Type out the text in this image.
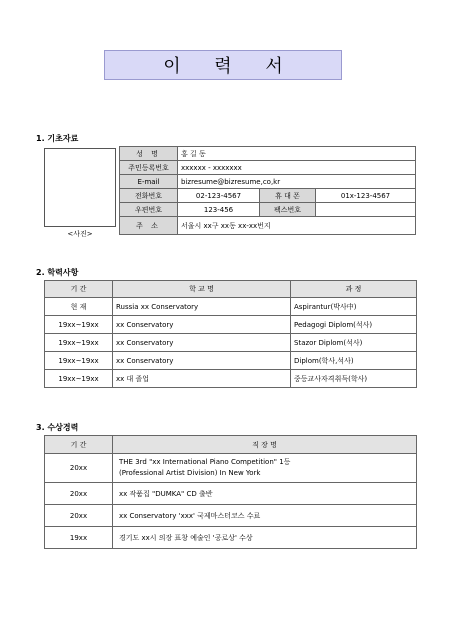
이 력 서
1. 기초자료
<사진>
성 명	홍 길 동		
주민등록번호	xxxxxx - xxxxxxx		
E-mail	bizresume@bizresume,co,kr		
전화번호	02-123-4567	휴 대 폰	01x-123-4567
우편번호	123-456	팩스번호	
주 소	서울시 xx구 xx동 xx-xx번지		
2. 학력사항
기 간	학 교 명	과 정
현 재	Russia xx Conservatory	Aspirantur(박사中)
19xx~19xx	xx Conservatory	Pedagogi Diplom(석사)
19xx~19xx	xx Conservatory	Stazor Diplom(석사)
19xx~19xx	xx Conservatory	Diplom(학사,석사)
19xx~19xx	xx 대 졸업	중등교사자격취득(학사)
3. 수상경력
기 간	직 장 명
20xx	THE 3rd "xx International Piano Competition" 1등
(Professional Artist Division) In New York

20xx	xx 작품집 "DUMKA" CD 출반
20xx	xx Conservatory 'xxx' 국제마스터코스 수료
19xx	경기도 xx시 의장 표창 예술인 '공로상' 수상
